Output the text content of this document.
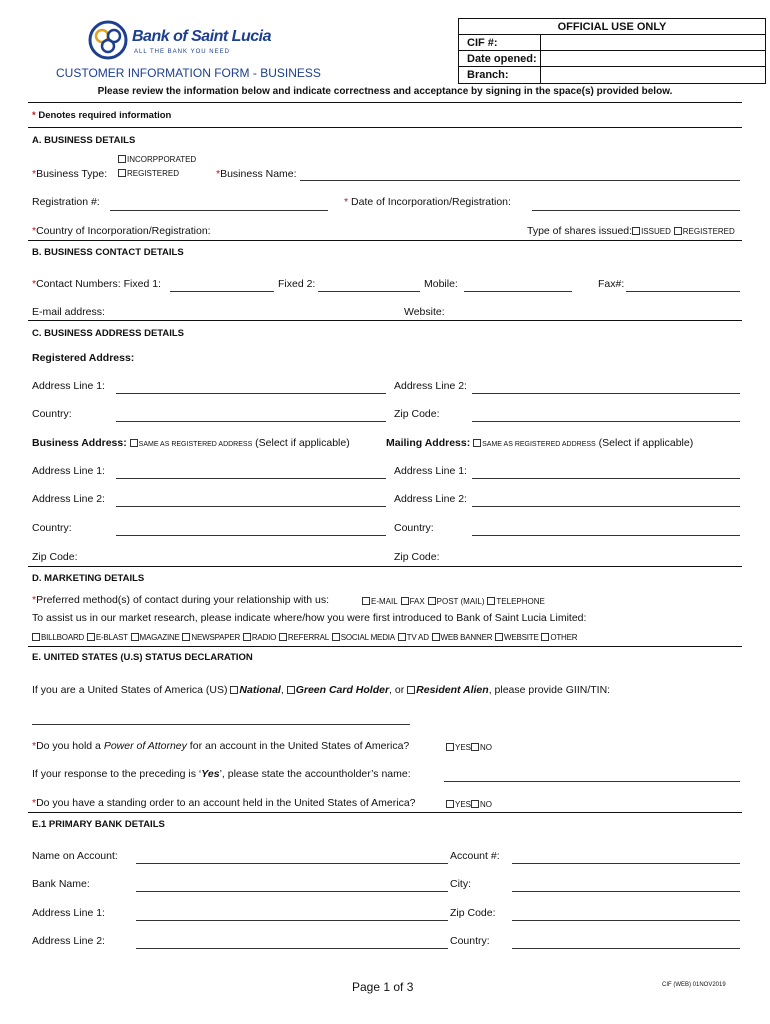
Bank of Saint Lucia
ALL THE BANK YOU NEED
CUSTOMER INFORMATION FORM - BUSINESS
OFFICIAL USE ONLY
CIF #:
Date opened:
Branch:
Please review the information below and indicate correctness and acceptance by signing in the space(s) provided below.
* Denotes required information
A. BUSINESS DETAILS
INCORPPORATED
*Business Type:	REGISTERED	*Business Name:
Registration #:	* Date of Incorporation/Registration:
*Country of Incorporation/Registration:	Type of shares issued: ISSUED REGISTERED
B. BUSINESS CONTACT DETAILS
*Contact Numbers: Fixed 1:	Fixed 2:	Mobile:	Fax#:
E-mail address:	Website:
C. BUSINESS ADDRESS DETAILS
Registered Address:
Address Line 1:	Address Line 2:
Country:	Zip Code:
Business Address: SAME AS REGISTERED ADDRESS (Select if applicable)	Mailing Address: SAME AS REGISTERED ADDRESS (Select if applicable)
Address Line 1:	Address Line 1:
Address Line 2:	Address Line 2:
Country:	Country:
Zip Code:	Zip Code:
D. MARKETING DETAILS
*Preferred method(s) of contact during your relationship with us:	E-MAIL FAX POST (MAIL) TELEPHONE
To assist us in our market research, please indicate where/how you were first introduced to Bank of Saint Lucia Limited:
BILLBOARD E-BLAST MAGAZINE NEWSPAPER RADIO REFERRAL SOCIAL MEDIA TV AD WEB BANNER WEBSITE OTHER
E. UNITED STATES (U.S) STATUS DECLARATION
If you are a United States of America (US) National, Green Card Holder, or Resident Alien, please provide GIIN/TIN:
*Do you hold a Power of Attorney for an account in the United States of America?	YES NO
If your response to the preceding is ‘Yes’, please state the accountholder’s name:
*Do you have a standing order to an account held in the United States of America?	YES NO
E.1 PRIMARY BANK DETAILS
Name on Account:	Account #:
Bank Name:	City:
Address Line 1:	Zip Code:
Address Line 2:	Country:
Page 1 of 3	CIF (WEB) 01NOV2019
